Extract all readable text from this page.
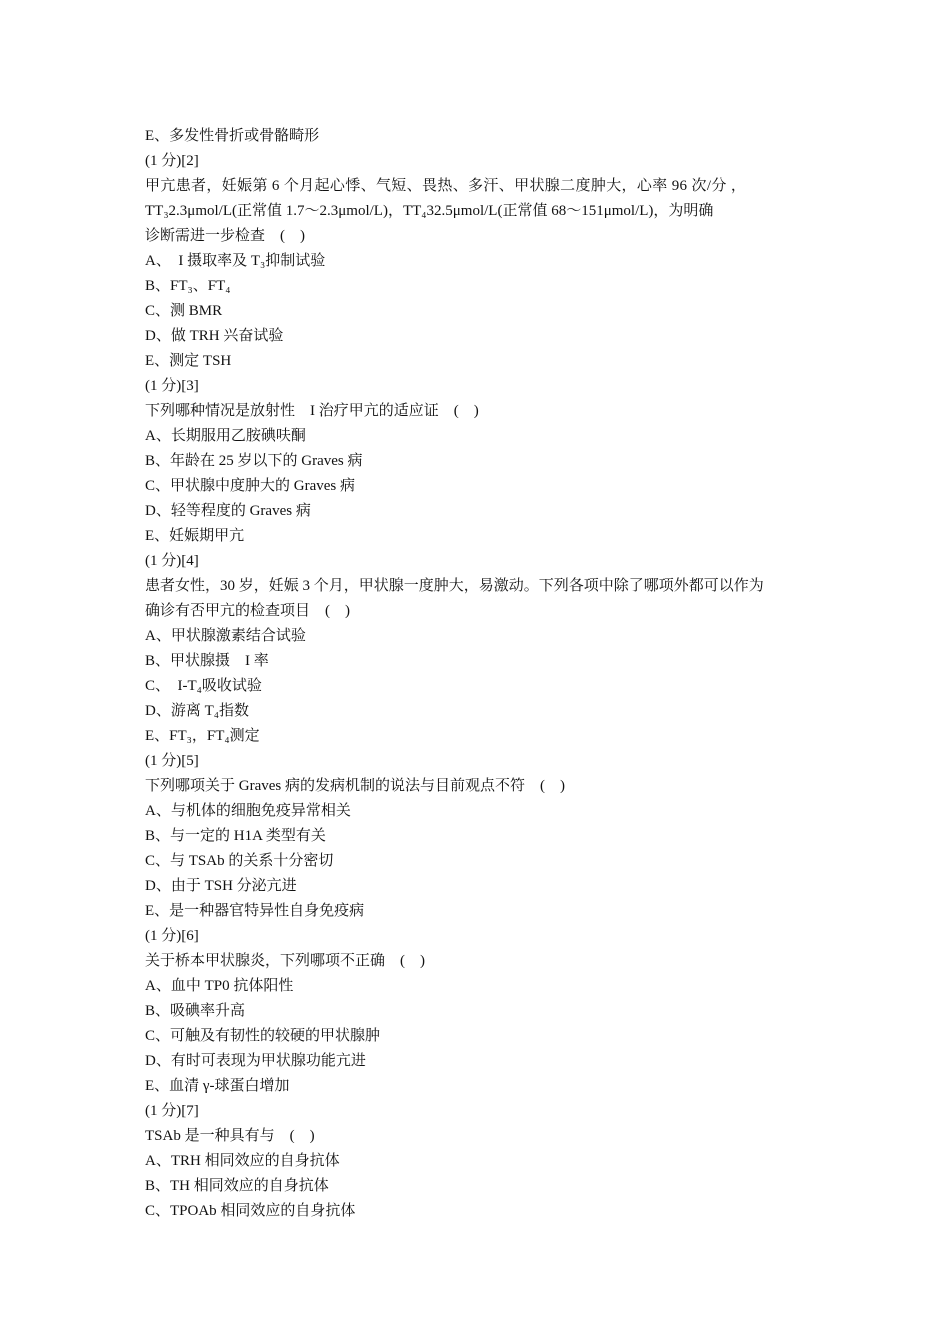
E、多发性骨折或骨骼畸形
(1 分)[2]
甲亢患者，妊娠第 6 个月起心悸、气短、畏热、多汗、甲状腺二度肿大，心率 96 次/分 ，
TT₃2.3μmol/L(正常值 1.7～2.3μmol/L)，TT₄32.5μmol/L(正常值 68～151μmol/L)，为明确
诊断需进一步检查　(　)
A、　I 摄取率及 T₃抑制试验
B、FT₃、FT₄
C、测 BMR
D、做 TRH 兴奋试验
E、测定 TSH
(1 分)[3]
下列哪种情况是放射性　I 治疗甲亢的适应证　(　)
A、长期服用乙胺碘呋酮
B、年龄在 25 岁以下的 Graves 病
C、甲状腺中度肿大的 Graves 病
D、轻等程度的 Graves 病
E、妊娠期甲亢
(1 分)[4]
患者女性，30 岁，妊娠 3 个月，甲状腺一度肿大，易激动。下列各项中除了哪项外都可以作为
确诊有否甲亢的检查项目　(　)
A、甲状腺激素结合试验
B、甲状腺摄　I 率
C、　I-T₄吸收试验
D、游离 T₄指数
E、FT₃，FT₄测定
(1 分)[5]
下列哪项关于 Graves 病的发病机制的说法与目前观点不符　(　)
A、与机体的细胞免疫异常相关
B、与一定的 H1A 类型有关
C、与 TSAb 的关系十分密切
D、由于 TSH 分泌亢进
E、是一种器官特异性自身免疫病
(1 分)[6]
关于桥本甲状腺炎，下列哪项不正确　(　)
A、血中 TP0 抗体阳性
B、吸碘率升高
C、可触及有韧性的较硬的甲状腺肿
D、有时可表现为甲状腺功能亢进
E、血清 γ-球蛋白增加
(1 分)[7]
TSAb 是一种具有与　(　)
A、TRH 相同效应的自身抗体
B、TH 相同效应的自身抗体
C、TPOAb 相同效应的自身抗体
